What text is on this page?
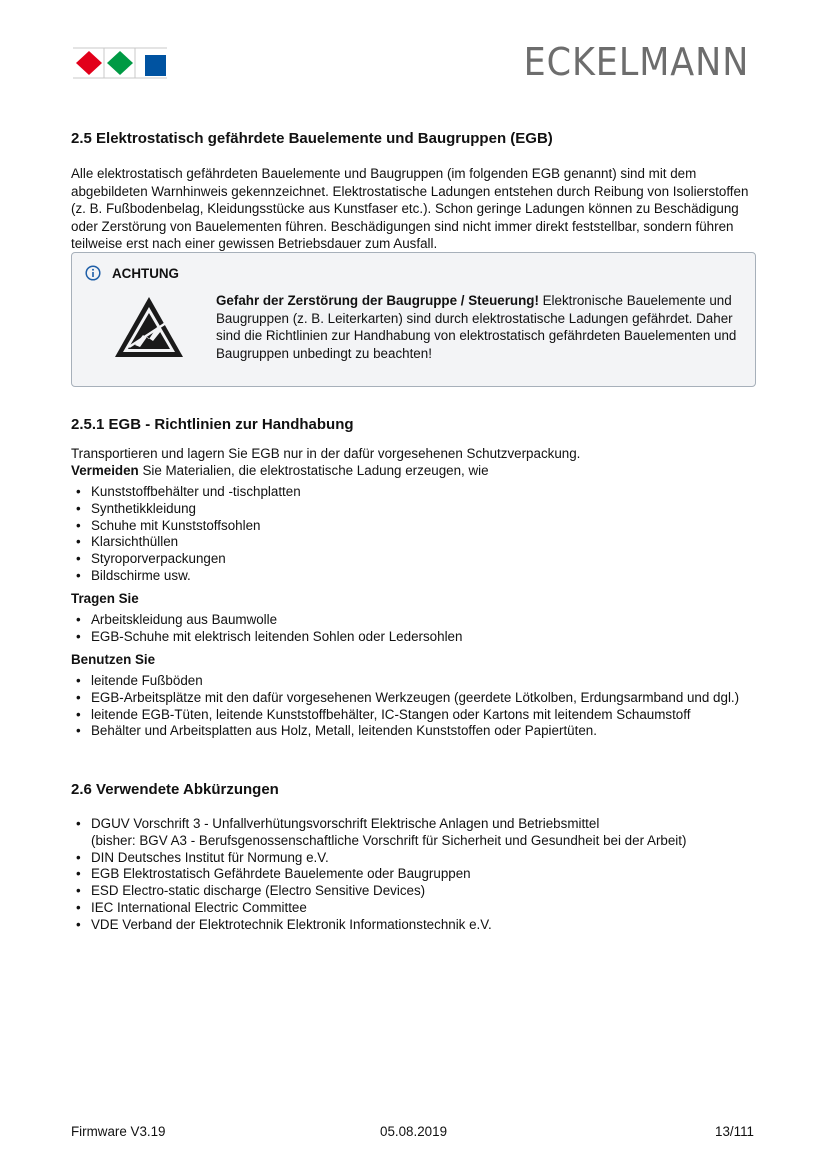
ECKELMANN
2.5 Elektrostatisch gefährdete Bauelemente und Baugruppen (EGB)
Alle elektrostatisch gefährdeten Bauelemente und Baugruppen (im folgenden EGB genannt) sind mit dem abgebildeten Warnhinweis gekennzeichnet. Elektrostatische Ladungen entstehen durch Reibung von Isolierstoffen (z. B. Fußbodenbelag, Kleidungsstücke aus Kunstfaser etc.). Schon geringe Ladungen können zu Beschädigung oder Zerstörung von Bauelementen führen. Beschädigungen sind nicht immer direkt feststellbar, sondern führen teilweise erst nach einer gewissen Betriebsdauer zum Ausfall.
ACHTUNG
Gefahr der Zerstörung der Baugruppe / Steuerung! Elektronische Bauelemente und Baugruppen (z. B. Leiterkarten) sind durch elektrostatische Ladungen gefährdet. Daher sind die Richtlinien zur Handhabung von elektrostatisch gefährdeten Bauelementen und Baugruppen unbedingt zu beachten!
2.5.1 EGB - Richtlinien zur Handhabung
Transportieren und lagern Sie EGB nur in der dafür vorgesehenen Schutzverpackung.
Vermeiden Sie Materialien, die elektrostatische Ladung erzeugen, wie
• Kunststoffbehälter und -tischplatten
• Synthetikkleidung
• Schuhe mit Kunststoffsohlen
• Klarsichthüllen
• Styroporverpackungen
• Bildschirme usw.
Tragen Sie
• Arbeitskleidung aus Baumwolle
• EGB-Schuhe mit elektrisch leitenden Sohlen oder Ledersohlen
Benutzen Sie
• leitende Fußböden
• EGB-Arbeitsplätze mit den dafür vorgesehenen Werkzeugen (geerdete Lötkolben, Erdungsarmband und dgl.)
• leitende EGB-Tüten, leitende Kunststoffbehälter, IC-Stangen oder Kartons mit leitendem Schaumstoff
• Behälter und Arbeitsplatten aus Holz, Metall, leitenden Kunststoffen oder Papiertüten.
2.6 Verwendete Abkürzungen
• DGUV Vorschrift 3 - Unfallverhütungsvorschrift Elektrische Anlagen und Betriebsmittel
(bisher: BGV A3 - Berufsgenossenschaftliche Vorschrift für Sicherheit und Gesundheit bei der Arbeit)
• DIN Deutsches Institut für Normung e.V.
• EGB Elektrostatisch Gefährdete Bauelemente oder Baugruppen
• ESD Electro-static discharge (Electro Sensitive Devices)
• IEC International Electric Committee
• VDE Verband der Elektrotechnik Elektronik Informationstechnik e.V.
Firmware V3.19	05.08.2019	13/111
